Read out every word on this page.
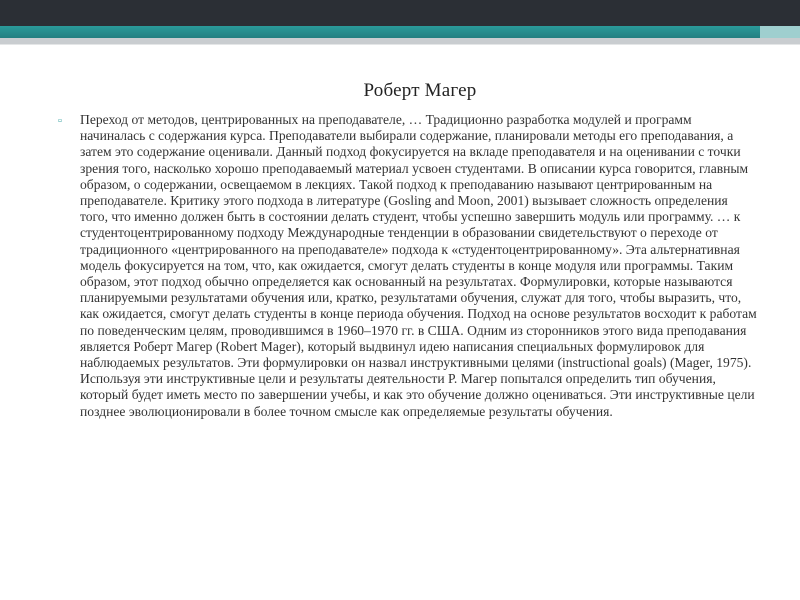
Роберт Магер
▫ Переход от методов, центрированных на преподавателе, … Традиционно разработка модулей и программ начиналась с содержания курса. Преподаватели выбирали содержание, планировали методы его преподавания, а затем это содержание оценивали. Данный подход фокусируется на вкладе преподавателя и на оценивании с точки зрения того, насколько хорошо преподаваемый материал усвоен студентами. В описании курса говорится, главным образом, о содержании, освещаемом в лекциях. Такой подход к преподаванию называют центрированным на преподавателе. Критику этого подхода в литературе (Gosling and Moon, 2001) вызывает сложность определения того, что именно должен быть в состоянии делать студент, чтобы успешно завершить модуль или программу. … к студентоцентрированному подходу Международные тенденции в образовании свидетельствуют о переходе от традиционного «центрированного на преподавателе» подхода к «студентоцентрированному». Эта альтернативная модель фокусируется на том, что, как ожидается, смогут делать студенты в конце модуля или программы. Таким образом, этот подход обычно определяется как основанный на результатах. Формулировки, которые называются планируемыми результатами обучения или, кратко, результатами обучения, служат для того, чтобы выразить, что, как ожидается, смогут делать студенты в конце периода обучения. Подход на основе результатов восходит к работам по поведенческим целям, проводившимся в 1960–1970 гг. в США. Одним из сторонников этого вида преподавания является Роберт Магер (Robert Mager), который выдвинул идею написания специальных формулировок для наблюдаемых результатов. Эти формулировки он назвал инструктивными целями (instructional goals) (Mager, 1975). Используя эти инструктивные цели и результаты деятельности Р. Магер попытался определить тип обучения, который будет иметь место по завершении учебы, и как это обучение должно оцениваться. Эти инструктивные цели позднее эволюционировали в более точном смысле как определяемые результаты обучения.
